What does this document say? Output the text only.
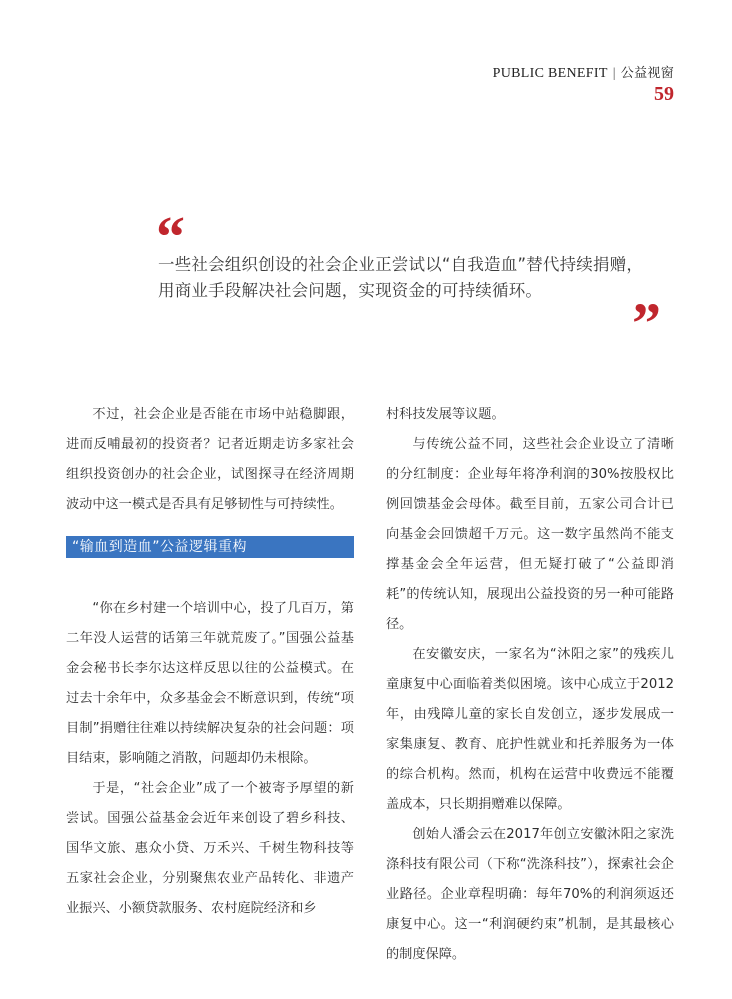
PUBLIC BENEFIT | 公益视窗
59
“

一些社会组织创设的社会企业正尝试以“自我造血”替代持续捐赠，

用商业手段解决社会问题，实现资金的可持续循环。

”

不过，社会企业是否能在市场中站稳脚跟，进而反哺最初的投资者？记者近期走访多家社会组织投资创办的社会企业，试图探寻在经济周期波动中这一模式是否具有足够韧性与可持续性。

“输血到造血”公益逻辑重构

“你在乡村建一个培训中心，投了几百万，第二年没人运营的话第三年就荒废了。”国强公益基金会秘书长李尔达这样反思以往的公益模式。在过去十余年中，众多基金会不断意识到，传统“项目制”捐赠往往难以持续解决复杂的社会问题：项目结束，影响随之消散，问题却仍未根除。

于是，“社会企业”成了一个被寄予厚望的新尝试。国强公益基金会近年来创设了碧乡科技、国华文旅、惠众小贷、万禾兴、千树生物科技等五家社会企业，分别聚焦农业产品转化、非遗产业振兴、小额贷款服务、农村庭院经济和乡

村科技发展等议题。

与传统公益不同，这些社会企业设立了清晰的分红制度：企业每年将净利润的30%按股权比例回馈基金会母体。截至目前，五家公司合计已向基金会回馈超千万元。这一数字虽然尚不能支撑基金会全年运营，但无疑打破了“公益即消耗”的传统认知，展现出公益投资的另一种可能路径。

在安徽安庆，一家名为“沐阳之家”的残疾儿童康复中心面临着类似困境。该中心成立于2012年，由残障儿童的家长自发创立，逐步发展成一家集康复、教育、庇护性就业和托养服务为一体的综合机构。然而，机构在运营中收费远不能覆盖成本，只长期捐赠难以保障。

创始人潘会云在2017年创立安徽沐阳之家洗涤科技有限公司（下称“洗涤科技”），探索社会企业路径。企业章程明确：每年70%的利润须返还康复中心。这一“利润硬约束”机制，是其最核心的制度保障。
